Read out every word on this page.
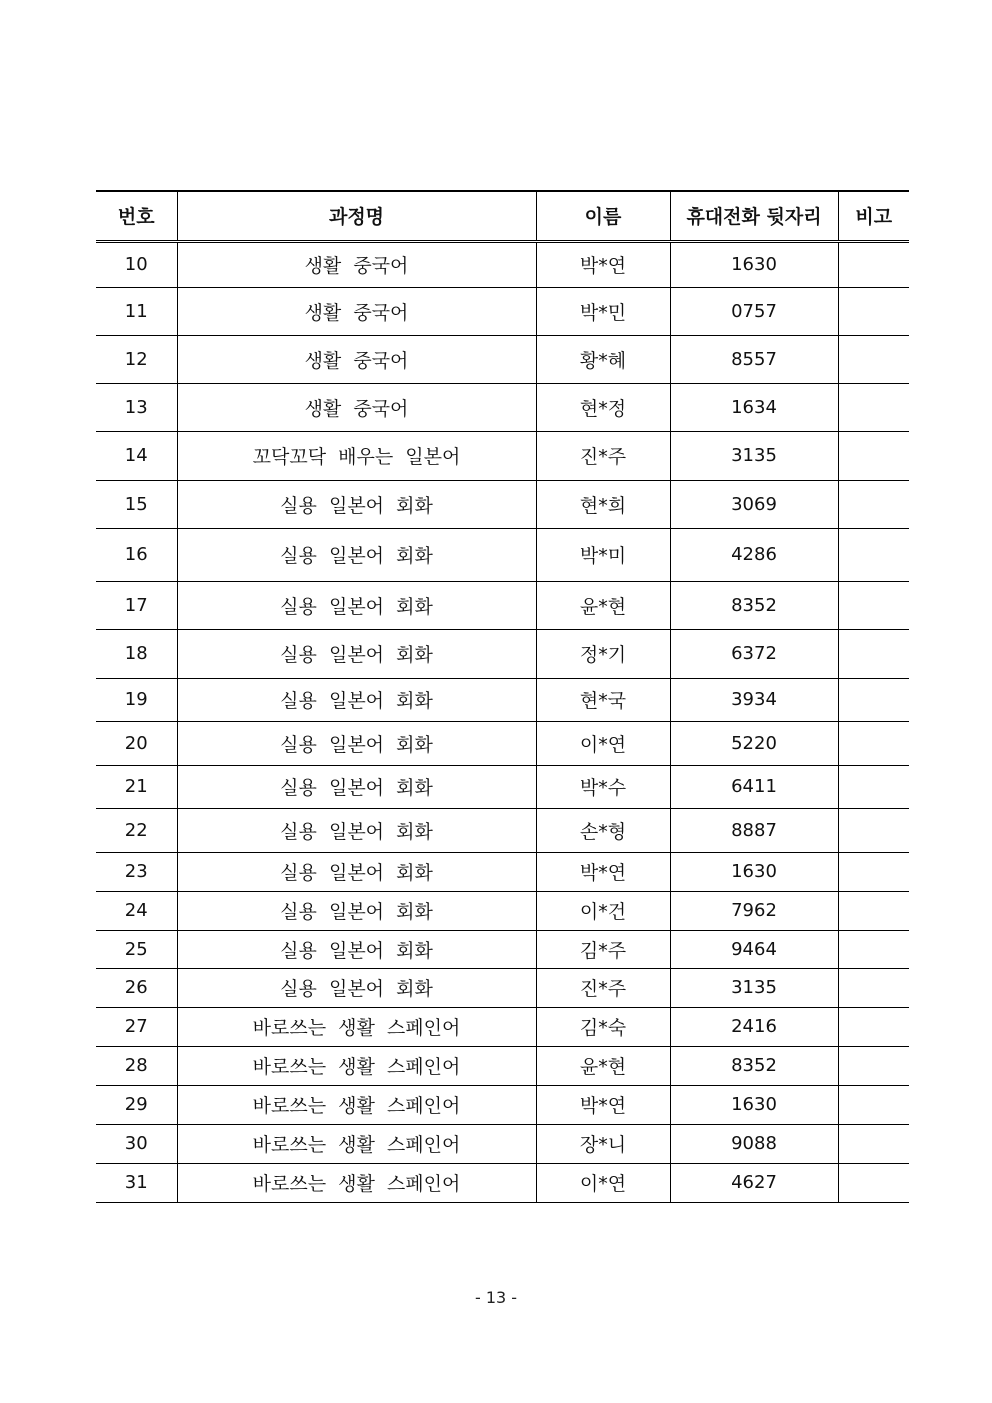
번호	과정명	이름	휴대전화 뒷자리	비고
10	생활  중국어	박*연	1630	
11	생활  중국어	박*민	0757	
12	생활  중국어	황*혜	8557	
13	생활  중국어	현*정	1634	
14	꼬닥꼬닥  배우는  일본어	진*주	3135	
15	실용  일본어  회화	현*희	3069	
16	실용  일본어  회화	박*미	4286	
17	실용  일본어  회화	윤*현	8352	
18	실용  일본어  회화	정*기	6372	
19	실용  일본어  회화	현*국	3934	
20	실용  일본어  회화	이*연	5220	
21	실용  일본어  회화	박*수	6411	
22	실용  일본어  회화	손*형	8887	
23	실용  일본어  회화	박*연	1630	
24	실용  일본어  회화	이*건	7962	
25	실용  일본어  회화	김*주	9464	
26	실용  일본어  회화	진*주	3135	
27	바로쓰는  생활  스페인어	김*숙	2416	
28	바로쓰는  생활  스페인어	윤*현	8352	
29	바로쓰는  생활  스페인어	박*연	1630	
30	바로쓰는  생활  스페인어	장*니	9088	
31	바로쓰는  생활  스페인어	이*연	4627	
- 13 -
